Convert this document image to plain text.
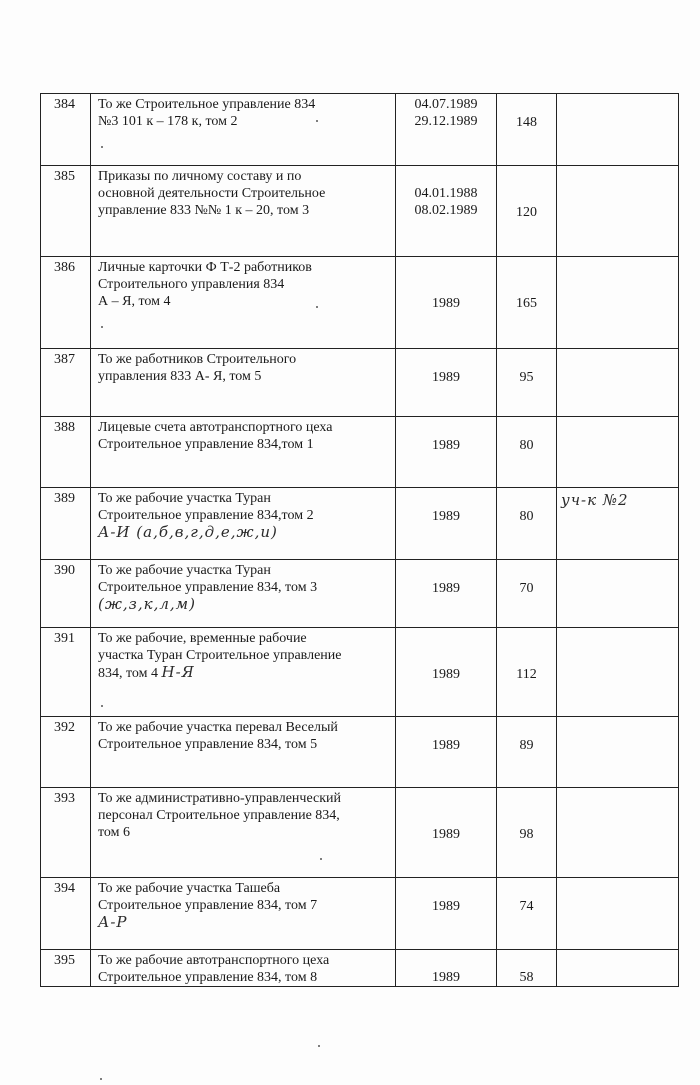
384	То же Строительное управление 834
№3 101 к – 178 к, том 2	04.07.1989
29.12.1989	148	

385	Приказы по личному составу и по
основной деятельности Строительное
управление 833 №№ 1 к – 20, том 3	04.01.1988
08.02.1989	120	

386	Личные карточки Ф Т-2 работников
Строительного управления 834
А – Я, том 4	1989	165	

387	То же работников Строительного
управления 833 А- Я, том 5	1989	95	

388	Лицевые счета автотранспортного цеха
Строительное управление 834,том 1	1989	80	

389	То же рабочие участка Туран
Строительное управление 834,том 2
А-И (а,б,в,г,д,е,ж,и)	1989	80	уч-к №2

390	То же рабочие участка Туран
Строительное управление 834, том 3
(ж,з,к,л,м)	1989	70	

391	То же рабочие, временные рабочие
участка Туран Строительное управление
834, том 4 Н-Я	1989	112	

392	То же рабочие участка перевал Веселый
Строительное управление 834, том 5	1989	89	

393	То же административно-управленческий
персонал Строительное управление 834,
том 6	1989	98	

394	То же рабочие участка Ташеба
Строительное управление 834, том 7
А-Р	1989	74	

395	То же рабочие автотранспортного цеха
Строительное управление 834, том 8	1989	58	
